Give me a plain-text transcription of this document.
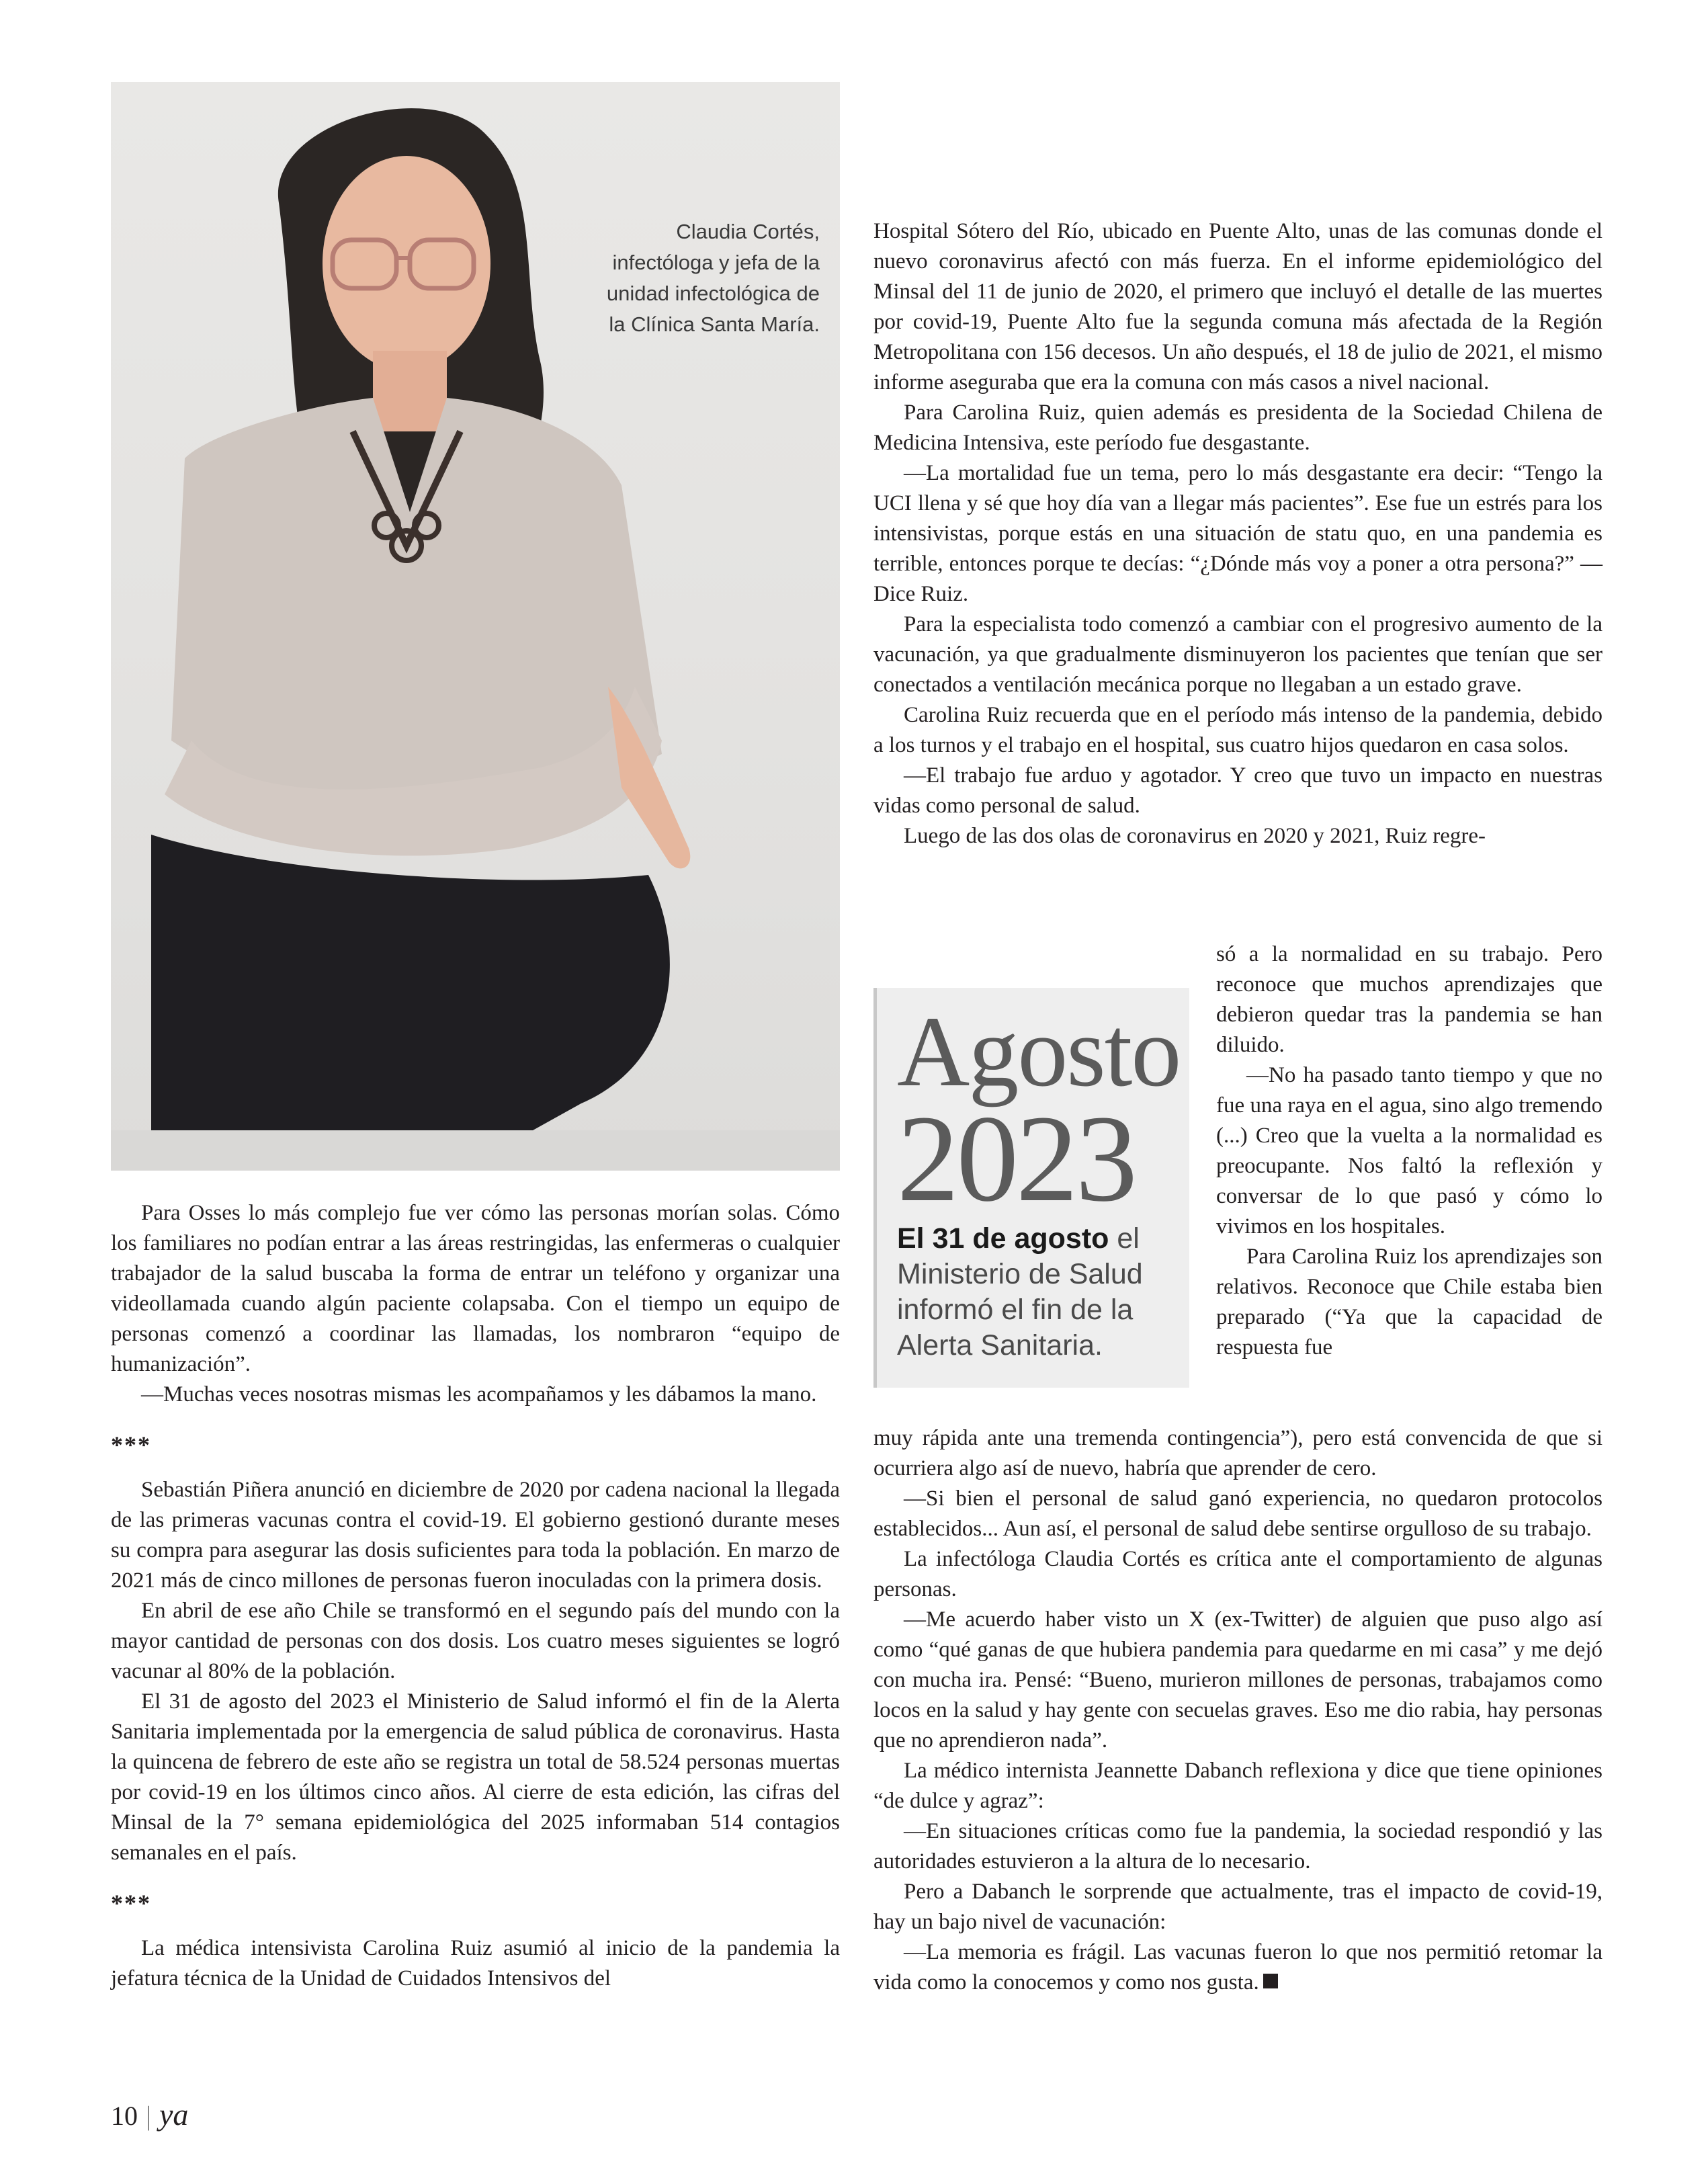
Claudia Cortés, infectóloga y jefa de la unidad infectológica de la Clínica Santa María.

Para Osses lo más complejo fue ver cómo las personas morían solas. Cómo los familiares no podían entrar a las áreas restringidas, las enfermeras o cualquier trabajador de la salud buscaba la forma de entrar un teléfono y organizar una videollamada cuando algún paciente colapsaba. Con el tiempo un equipo de personas comenzó a coordinar las llamadas, los nombraron “equipo de humanización”.

—Muchas veces nosotras mismas les acompañamos y les dábamos la mano.

***

Sebastián Piñera anunció en diciembre de 2020 por cadena nacional la llegada de las primeras vacunas contra el covid-19. El gobierno gestionó durante meses su compra para asegurar las dosis suficientes para toda la población. En marzo de 2021 más de cinco millones de personas fueron inoculadas con la primera dosis.

En abril de ese año Chile se transformó en el segundo país del mundo con la mayor cantidad de personas con dos dosis. Los cuatro meses siguientes se logró vacunar al 80% de la población.

El 31 de agosto del 2023 el Ministerio de Salud informó el fin de la Alerta Sanitaria implementada por la emergencia de salud pública de coronavirus. Hasta la quincena de febrero de este año se registra un total de 58.524 personas muertas por covid-19 en los últimos cinco años. Al cierre de esta edición, las cifras del Minsal de la 7° semana epidemiológica del 2025 informaban 514 contagios semanales en el país.

***

La médica intensivista Carolina Ruiz asumió al inicio de la pandemia la jefatura técnica de la Unidad de Cuidados Intensivos del

Hospital Sótero del Río, ubicado en Puente Alto, unas de las comunas donde el nuevo coronavirus afectó con más fuerza. En el informe epidemiológico del Minsal del 11 de junio de 2020, el primero que incluyó el detalle de las muertes por covid-19, Puente Alto fue la segunda comuna más afectada de la Región Metropolitana con 156 decesos. Un año después, el 18 de julio de 2021, el mismo informe aseguraba que era la comuna con más casos a nivel nacional.

Para Carolina Ruiz, quien además es presidenta de la Sociedad Chilena de Medicina Intensiva, este período fue desgastante.

—La mortalidad fue un tema, pero lo más desgastante era decir: “Tengo la UCI llena y sé que hoy día van a llegar más pacientes”. Ese fue un estrés para los intensivistas, porque estás en una situación de statu quo, en una pandemia es terrible, entonces porque te decías: “¿Dónde más voy a poner a otra persona?” —Dice Ruiz.

Para la especialista todo comenzó a cambiar con el progresivo aumento de la vacunación, ya que gradualmente disminuyeron los pacientes que tenían que ser conectados a ventilación mecánica porque no llegaban a un estado grave.

Carolina Ruiz recuerda que en el período más intenso de la pandemia, debido a los turnos y el trabajo en el hospital, sus cuatro hijos quedaron en casa solos.

—El trabajo fue arduo y agotador. Y creo que tuvo un impacto en nuestras vidas como personal de salud.

Luego de las dos olas de coronavirus en 2020 y 2021, Ruiz regre-

Agosto
2023
El 31 de agosto el Ministerio de Salud informó el fin de la Alerta Sanitaria.

só a la normalidad en su trabajo. Pero reconoce que muchos aprendizajes que debieron quedar tras la pandemia se han diluido.

—No ha pasado tanto tiempo y que no fue una raya en el agua, sino algo tremendo (...) Creo que la vuelta a la normalidad es preocupante. Nos faltó la reflexión y conversar de lo que pasó y cómo lo vivimos en los hospitales.

Para Carolina Ruiz los aprendizajes son relativos. Reconoce que Chile estaba bien preparado (“Ya que la capacidad de respuesta fue

muy rápida ante una tremenda contingencia”), pero está convencida de que si ocurriera algo así de nuevo, habría que aprender de cero.

—Si bien el personal de salud ganó experiencia, no quedaron protocolos establecidos... Aun así, el personal de salud debe sentirse orgulloso de su trabajo.

La infectóloga Claudia Cortés es crítica ante el comportamiento de algunas personas.

—Me acuerdo haber visto un X (ex-Twitter) de alguien que puso algo así como “qué ganas de que hubiera pandemia para quedarme en mi casa” y me dejó con mucha ira. Pensé: “Bueno, murieron millones de personas, trabajamos como locos en la salud y hay gente con secuelas graves. Eso me dio rabia, hay personas que no aprendieron nada”.

La médico internista Jeannette Dabanch reflexiona y dice que tiene opiniones “de dulce y agraz”:

—En situaciones críticas como fue la pandemia, la sociedad respondió y las autoridades estuvieron a la altura de lo necesario.

Pero a Dabanch le sorprende que actualmente, tras el impacto de covid-19, hay un bajo nivel de vacunación:

—La memoria es frágil. Las vacunas fueron lo que nos permitió retomar la vida como la conocemos y como nos gusta.

10 | ya
